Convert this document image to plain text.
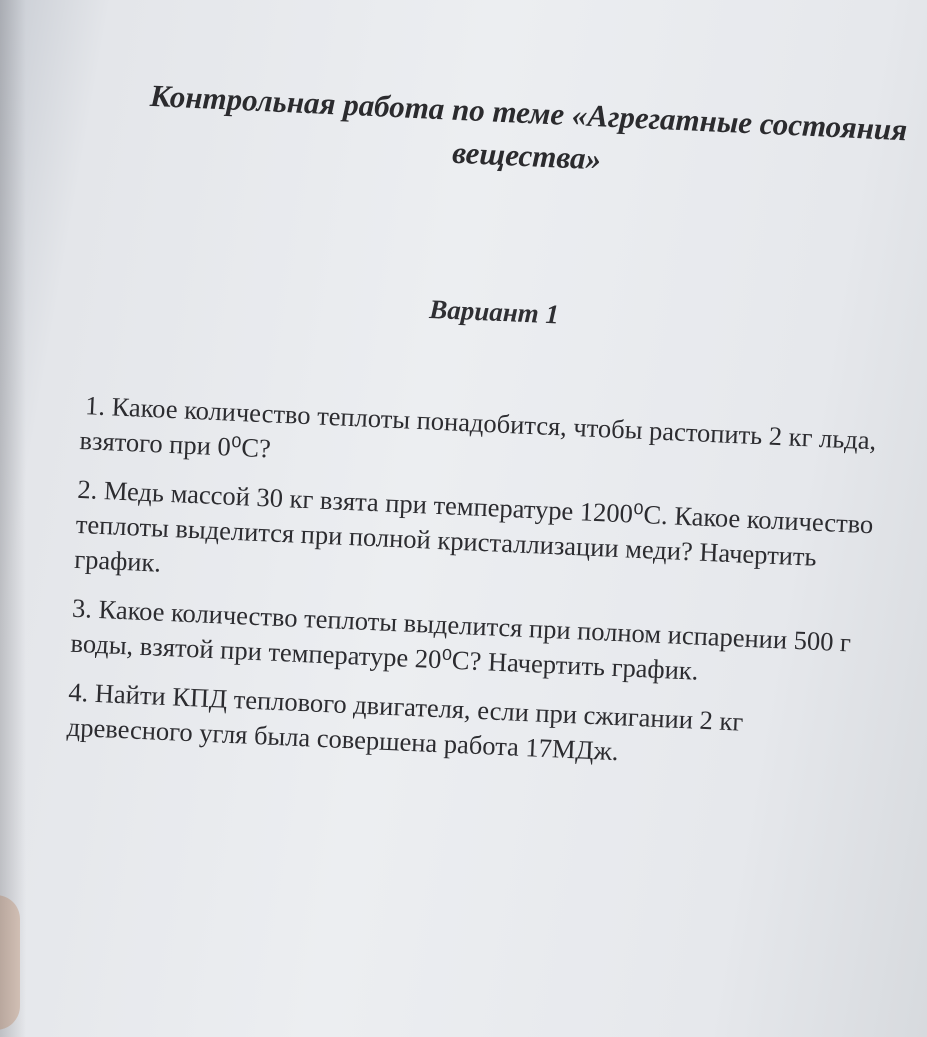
Контрольная работа по теме «Агрегатные состояния вещества»
Вариант 1
1. Какое количество теплоты понадобится, чтобы растопить 2 кг льда, взятого при 0⁰С?
2. Медь массой 30 кг взята при температуре 1200⁰С. Какое количество теплоты выделится при полной кристаллизации меди? Начертить график.
3. Какое количество теплоты выделится при полном испарении 500 г воды, взятой при температуре 20⁰С? Начертить график.
4. Найти КПД теплового двигателя, если при сжигании 2 кг древесного угля была совершена работа 17МДж.
